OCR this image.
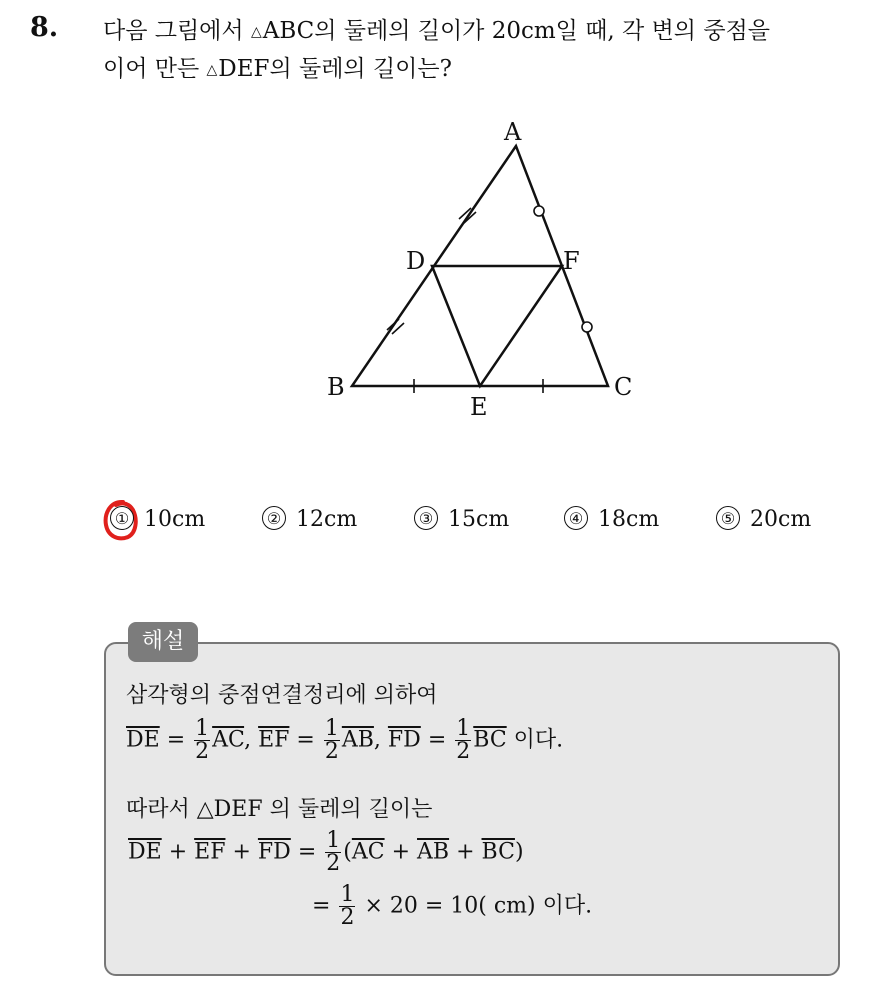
8. 다음 그림에서 △ABC의 둘레의 길이가 20cm일 때, 각 변의 중점을
이어 만든 △DEF의 둘레의 길이는?
A
B	C
D
E
F
① 10cm	② 12cm	③ 15cm	④ 18cm	⑤ 20cm
해설
삼각형의 중점연결정리에 의하여
$\overline{DE} = \frac{1}{2} \overline{AC}$, $\overline{EF} = \frac{1}{2} \overline{AB}$, $\overline{FD} = \frac{1}{2} \overline{BC}$ 이다.
따라서 △DEF 의 둘레의 길이는
$\overline{DE} + \overline{EF} + \overline{FD} = \frac{1}{2} (\overline{AC} + \overline{AB} + \overline{BC})$
= $\frac{1}{2} \times 20 = 10$( cm) 이다.
